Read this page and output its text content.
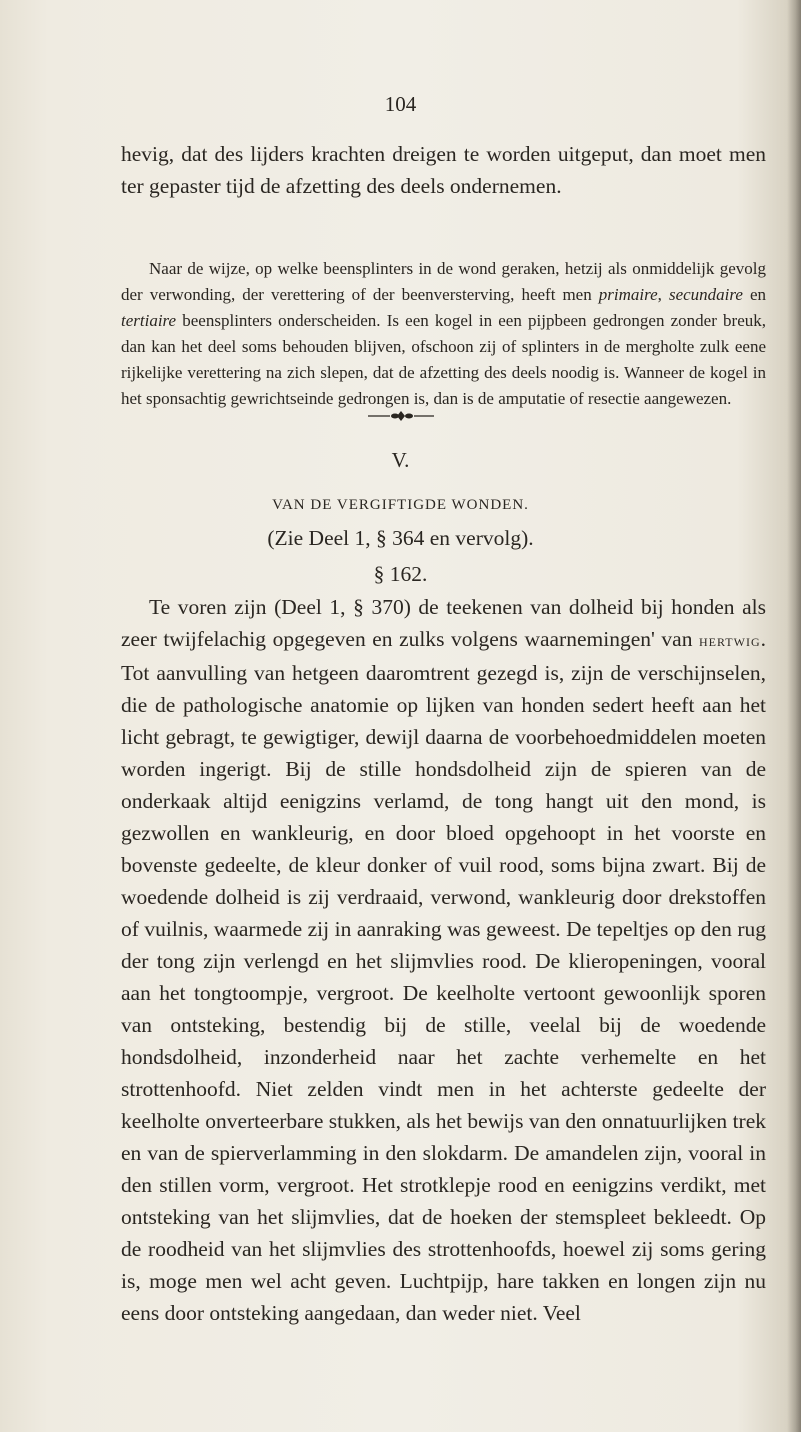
104

hevig, dat des lijders krachten dreigen te worden uitgeput, dan moet men ter gepaster tijd de afzetting des deels ondernemen.

Naar de wijze, op welke beensplinters in de wond geraken, hetzij als onmiddelijk gevolg der verwonding, der verettering of der beenversterving, heeft men primaire, secundaire en tertiaire beensplinters onderscheiden. Is een kogel in een pijpbeen gedrongen zonder breuk, dan kan het deel soms behouden blijven, ofschoon zij of splinters in de mergholte zulk eene rijkelijke verettering na zich slepen, dat de afzetting des deels noodig is. Wanneer de kogel in het sponsachtig gewrichtseinde gedrongen is, dan is de amputatie of resectie aangewezen.

V.
VAN DE VERGIFTIGDE WONDEN.
(Zie Deel 1, § 364 en vervolg).
§ 162.

Te voren zijn (Deel 1, § 370) de teekenen van dolheid bij honden als zeer twijfelachig opgegeven en zulks volgens waarnemingen' van hertwig. Tot aanvulling van hetgeen daaromtrent gezegd is, zijn de verschijnselen, die de pathologische anatomie op lijken van honden sedert heeft aan het licht gebragt, te gewigtiger, dewijl daarna de voorbehoedmiddelen moeten worden ingerigt. Bij de stille hondsdolheid zijn de spieren van de onderkaak altijd eenigzins verlamd, de tong hangt uit den mond, is gezwollen en wankleurig, en door bloed opgehoopt in het voorste en bovenste gedeelte, de kleur donker of vuil rood, soms bijna zwart. Bij de woedende dolheid is zij verdraaid, verwond, wankleurig door drekstoffen of vuilnis, waarmede zij in aanraking was geweest. De tepeltjes op den rug der tong zijn verlengd en het slijmvlies rood. De klieropeningen, vooral aan het tongtoompje, vergroot. De keelholte vertoont gewoonlijk sporen van ontsteking, bestendig bij de stille, veelal bij de woedende hondsdolheid, inzonderheid naar het zachte verhemelte en het strottenhoofd. Niet zelden vindt men in het achterste gedeelte der keelholte onverteerbare stukken, als het bewijs van den onnatuurlijken trek en van de spierverlamming in den slokdarm. De amandelen zijn, vooral in den stillen vorm, vergroot. Het strotklepje rood en eenigzins verdikt, met ontsteking van het slijmvlies, dat de hoeken der stemspleet bekleedt. Op de roodheid van het slijmvlies des strottenhoofds, hoewel zij soms gering is, moge men wel acht geven. Luchtpijp, hare takken en longen zijn nu eens door ontsteking aangedaan, dan weder niet. Veel
